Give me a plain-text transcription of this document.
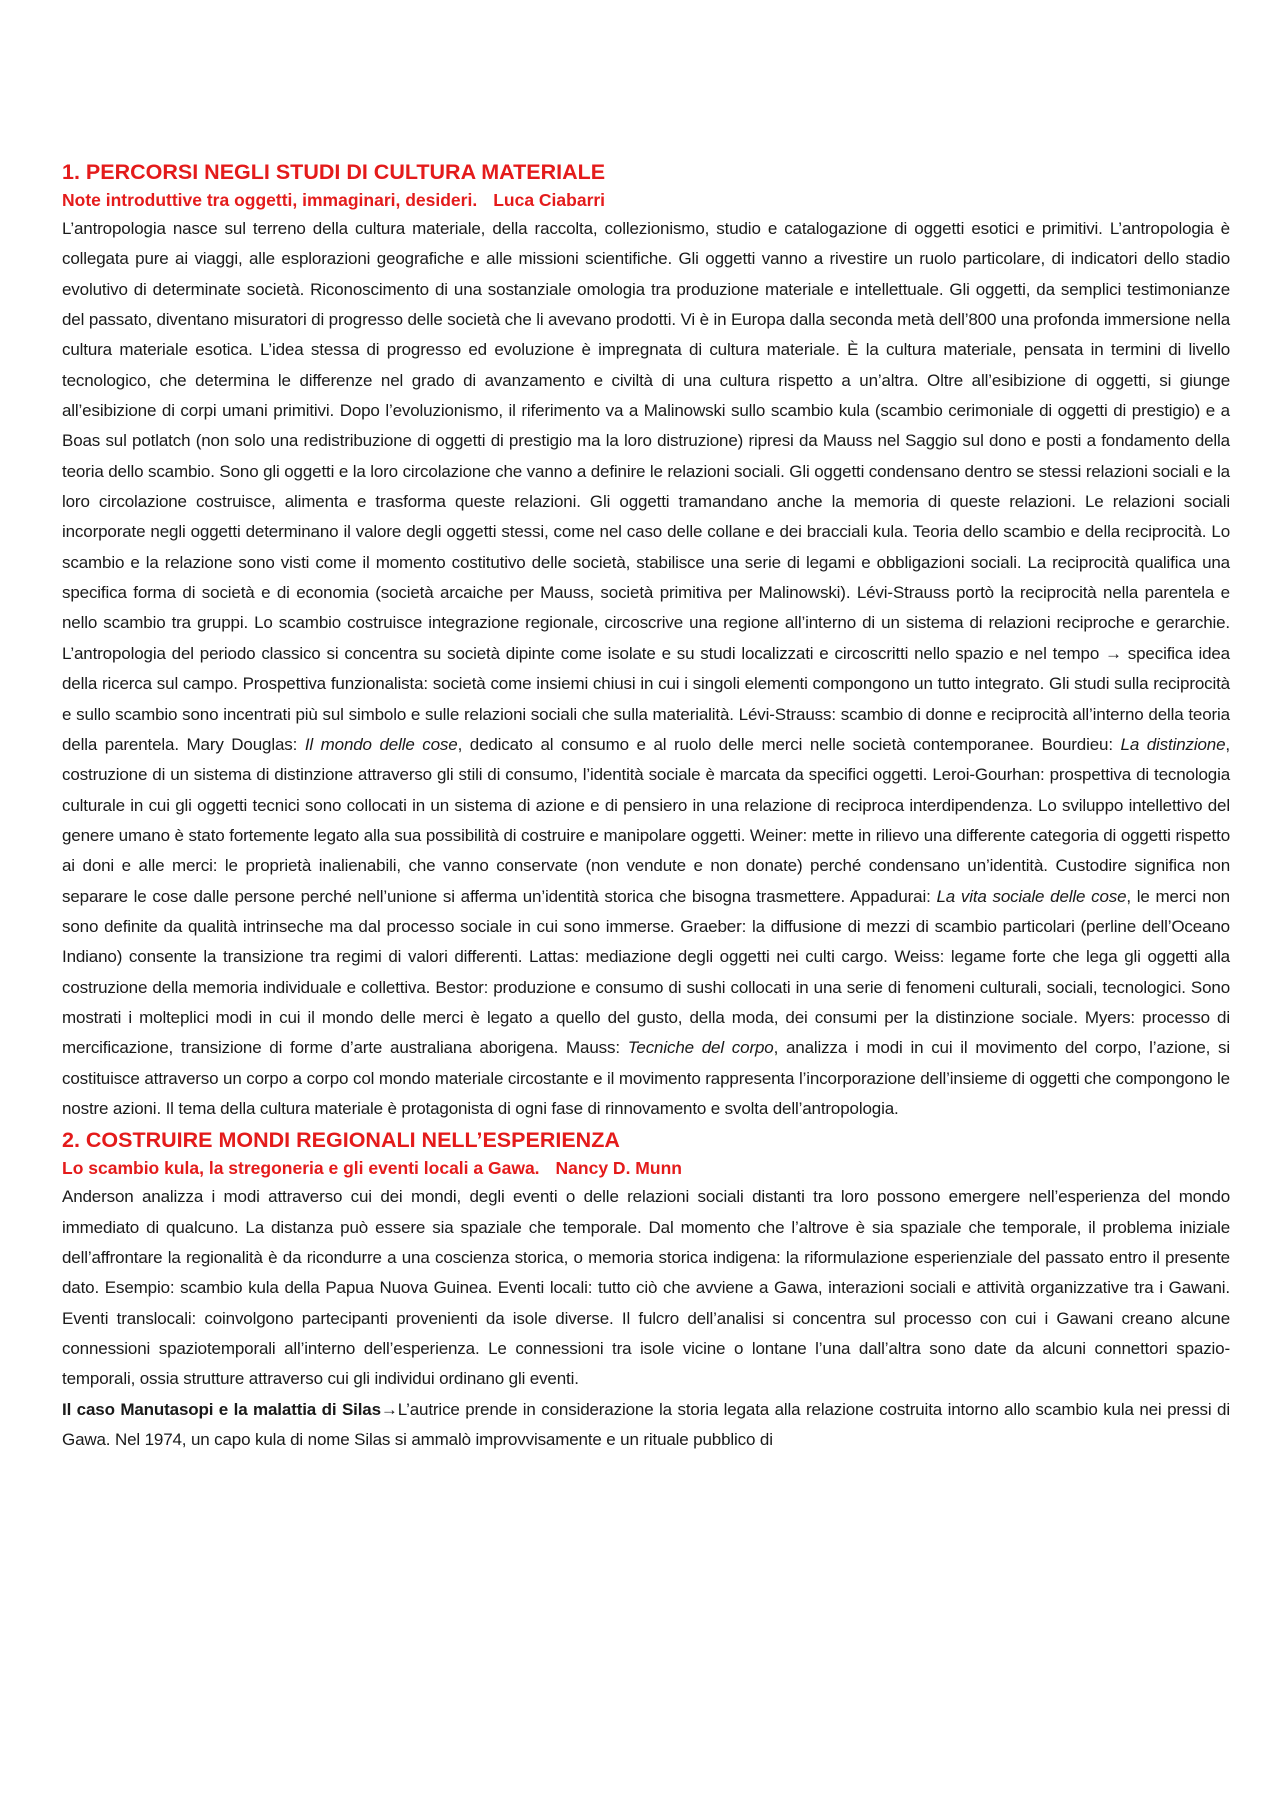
1. PERCORSI NEGLI STUDI DI CULTURA MATERIALE
Note introduttive tra oggetti, immaginari, desideri. Luca Ciabarri

L’antropologia nasce sul terreno della cultura materiale, della raccolta, collezionismo, studio e catalogazione di oggetti esotici e primitivi. L’antropologia è collegata pure ai viaggi, alle esplorazioni geografiche e alle missioni scientifiche. Gli oggetti vanno a rivestire un ruolo particolare, di indicatori dello stadio evolutivo di determinate società. Riconoscimento di una sostanziale omologia tra produzione materiale e intellettuale. Gli oggetti, da semplici testimonianze del passato, diventano misuratori di progresso delle società che li avevano prodotti. Vi è in Europa dalla seconda metà dell’800 una profonda immersione nella cultura materiale esotica. L’idea stessa di progresso ed evoluzione è impregnata di cultura materiale. È la cultura materiale, pensata in termini di livello tecnologico, che determina le differenze nel grado di avanzamento e civiltà di una cultura rispetto a un’altra. Oltre all’esibizione di oggetti, si giunge all’esibizione di corpi umani primitivi. Dopo l’evoluzionismo, il riferimento va a Malinowski sullo scambio kula (scambio cerimoniale di oggetti di prestigio) e a Boas sul potlatch (non solo una redistribuzione di oggetti di prestigio ma la loro distruzione) ripresi da Mauss nel Saggio sul dono e posti a fondamento della teoria dello scambio. Sono gli oggetti e la loro circolazione che vanno a definire le relazioni sociali. Gli oggetti condensano dentro se stessi relazioni sociali e la loro circolazione costruisce, alimenta e trasforma queste relazioni. Gli oggetti tramandano anche la memoria di queste relazioni. Le relazioni sociali incorporate negli oggetti determinano il valore degli oggetti stessi, come nel caso delle collane e dei bracciali kula. Teoria dello scambio e della reciprocità. Lo scambio e la relazione sono visti come il momento costitutivo delle società, stabilisce una serie di legami e obbligazioni sociali. La reciprocità qualifica una specifica forma di società e di economia (società arcaiche per Mauss, società primitiva per Malinowski). Lévi-Strauss portò la reciprocità nella parentela e nello scambio tra gruppi. Lo scambio costruisce integrazione regionale, circoscrive una regione all’interno di un sistema di relazioni reciproche e gerarchie. L’antropologia del periodo classico si concentra su società dipinte come isolate e su studi localizzati e circoscritti nello spazio e nel tempo → specifica idea della ricerca sul campo. Prospettiva funzionalista: società come insiemi chiusi in cui i singoli elementi compongono un tutto integrato. Gli studi sulla reciprocità e sullo scambio sono incentrati più sul simbolo e sulle relazioni sociali che sulla materialità. Lévi-Strauss: scambio di donne e reciprocità all’interno della teoria della parentela. Mary Douglas: Il mondo delle cose, dedicato al consumo e al ruolo delle merci nelle società contemporanee. Bourdieu: La distinzione, costruzione di un sistema di distinzione attraverso gli stili di consumo, l’identità sociale è marcata da specifici oggetti. Leroi-Gourhan: prospettiva di tecnologia culturale in cui gli oggetti tecnici sono collocati in un sistema di azione e di pensiero in una relazione di reciproca interdipendenza. Lo sviluppo intellettivo del genere umano è stato fortemente legato alla sua possibilità di costruire e manipolare oggetti. Weiner: mette in rilievo una differente categoria di oggetti rispetto ai doni e alle merci: le proprietà inalienabili, che vanno conservate (non vendute e non donate) perché condensano un’identità. Custodire significa non separare le cose dalle persone perché nell’unione si afferma un’identità storica che bisogna trasmettere. Appadurai: La vita sociale delle cose, le merci non sono definite da qualità intrinseche ma dal processo sociale in cui sono immerse. Graeber: la diffusione di mezzi di scambio particolari (perline dell’Oceano Indiano) consente la transizione tra regimi di valori differenti. Lattas: mediazione degli oggetti nei culti cargo. Weiss: legame forte che lega gli oggetti alla costruzione della memoria individuale e collettiva. Bestor: produzione e consumo di sushi collocati in una serie di fenomeni culturali, sociali, tecnologici. Sono mostrati i molteplici modi in cui il mondo delle merci è legato a quello del gusto, della moda, dei consumi per la distinzione sociale. Myers: processo di mercificazione, transizione di forme d’arte australiana aborigena. Mauss: Tecniche del corpo, analizza i modi in cui il movimento del corpo, l’azione, si costituisce attraverso un corpo a corpo col mondo materiale circostante e il movimento rappresenta l’incorporazione dell’insieme di oggetti che compongono le nostre azioni. Il tema della cultura materiale è protagonista di ogni fase di rinnovamento e svolta dell’antropologia.

2. COSTRUIRE MONDI REGIONALI NELL’ESPERIENZA
Lo scambio kula, la stregoneria e gli eventi locali a Gawa. Nancy D. Munn

Anderson analizza i modi attraverso cui dei mondi, degli eventi o delle relazioni sociali distanti tra loro possono emergere nell’esperienza del mondo immediato di qualcuno. La distanza può essere sia spaziale che temporale. Dal momento che l’altrove è sia spaziale che temporale, il problema iniziale dell’affrontare la regionalità è da ricondurre a una coscienza storica, o memoria storica indigena: la riformulazione esperienziale del passato entro il presente dato. Esempio: scambio kula della Papua Nuova Guinea. Eventi locali: tutto ciò che avviene a Gawa, interazioni sociali e attività organizzative tra i Gawani. Eventi translocali: coinvolgono partecipanti provenienti da isole diverse. Il fulcro dell’analisi si concentra sul processo con cui i Gawani creano alcune connessioni spaziotemporali all’interno dell’esperienza. Le connessioni tra isole vicine o lontane l’una dall’altra sono date da alcuni connettori spazio-temporali, ossia strutture attraverso cui gli individui ordinano gli eventi.

Il caso Manutasopi e la malattia di Silas→L’autrice prende in considerazione la storia legata alla relazione costruita intorno allo scambio kula nei pressi di Gawa. Nel 1974, un capo kula di nome Silas si ammalò improvvisamente e un rituale pubblico di
